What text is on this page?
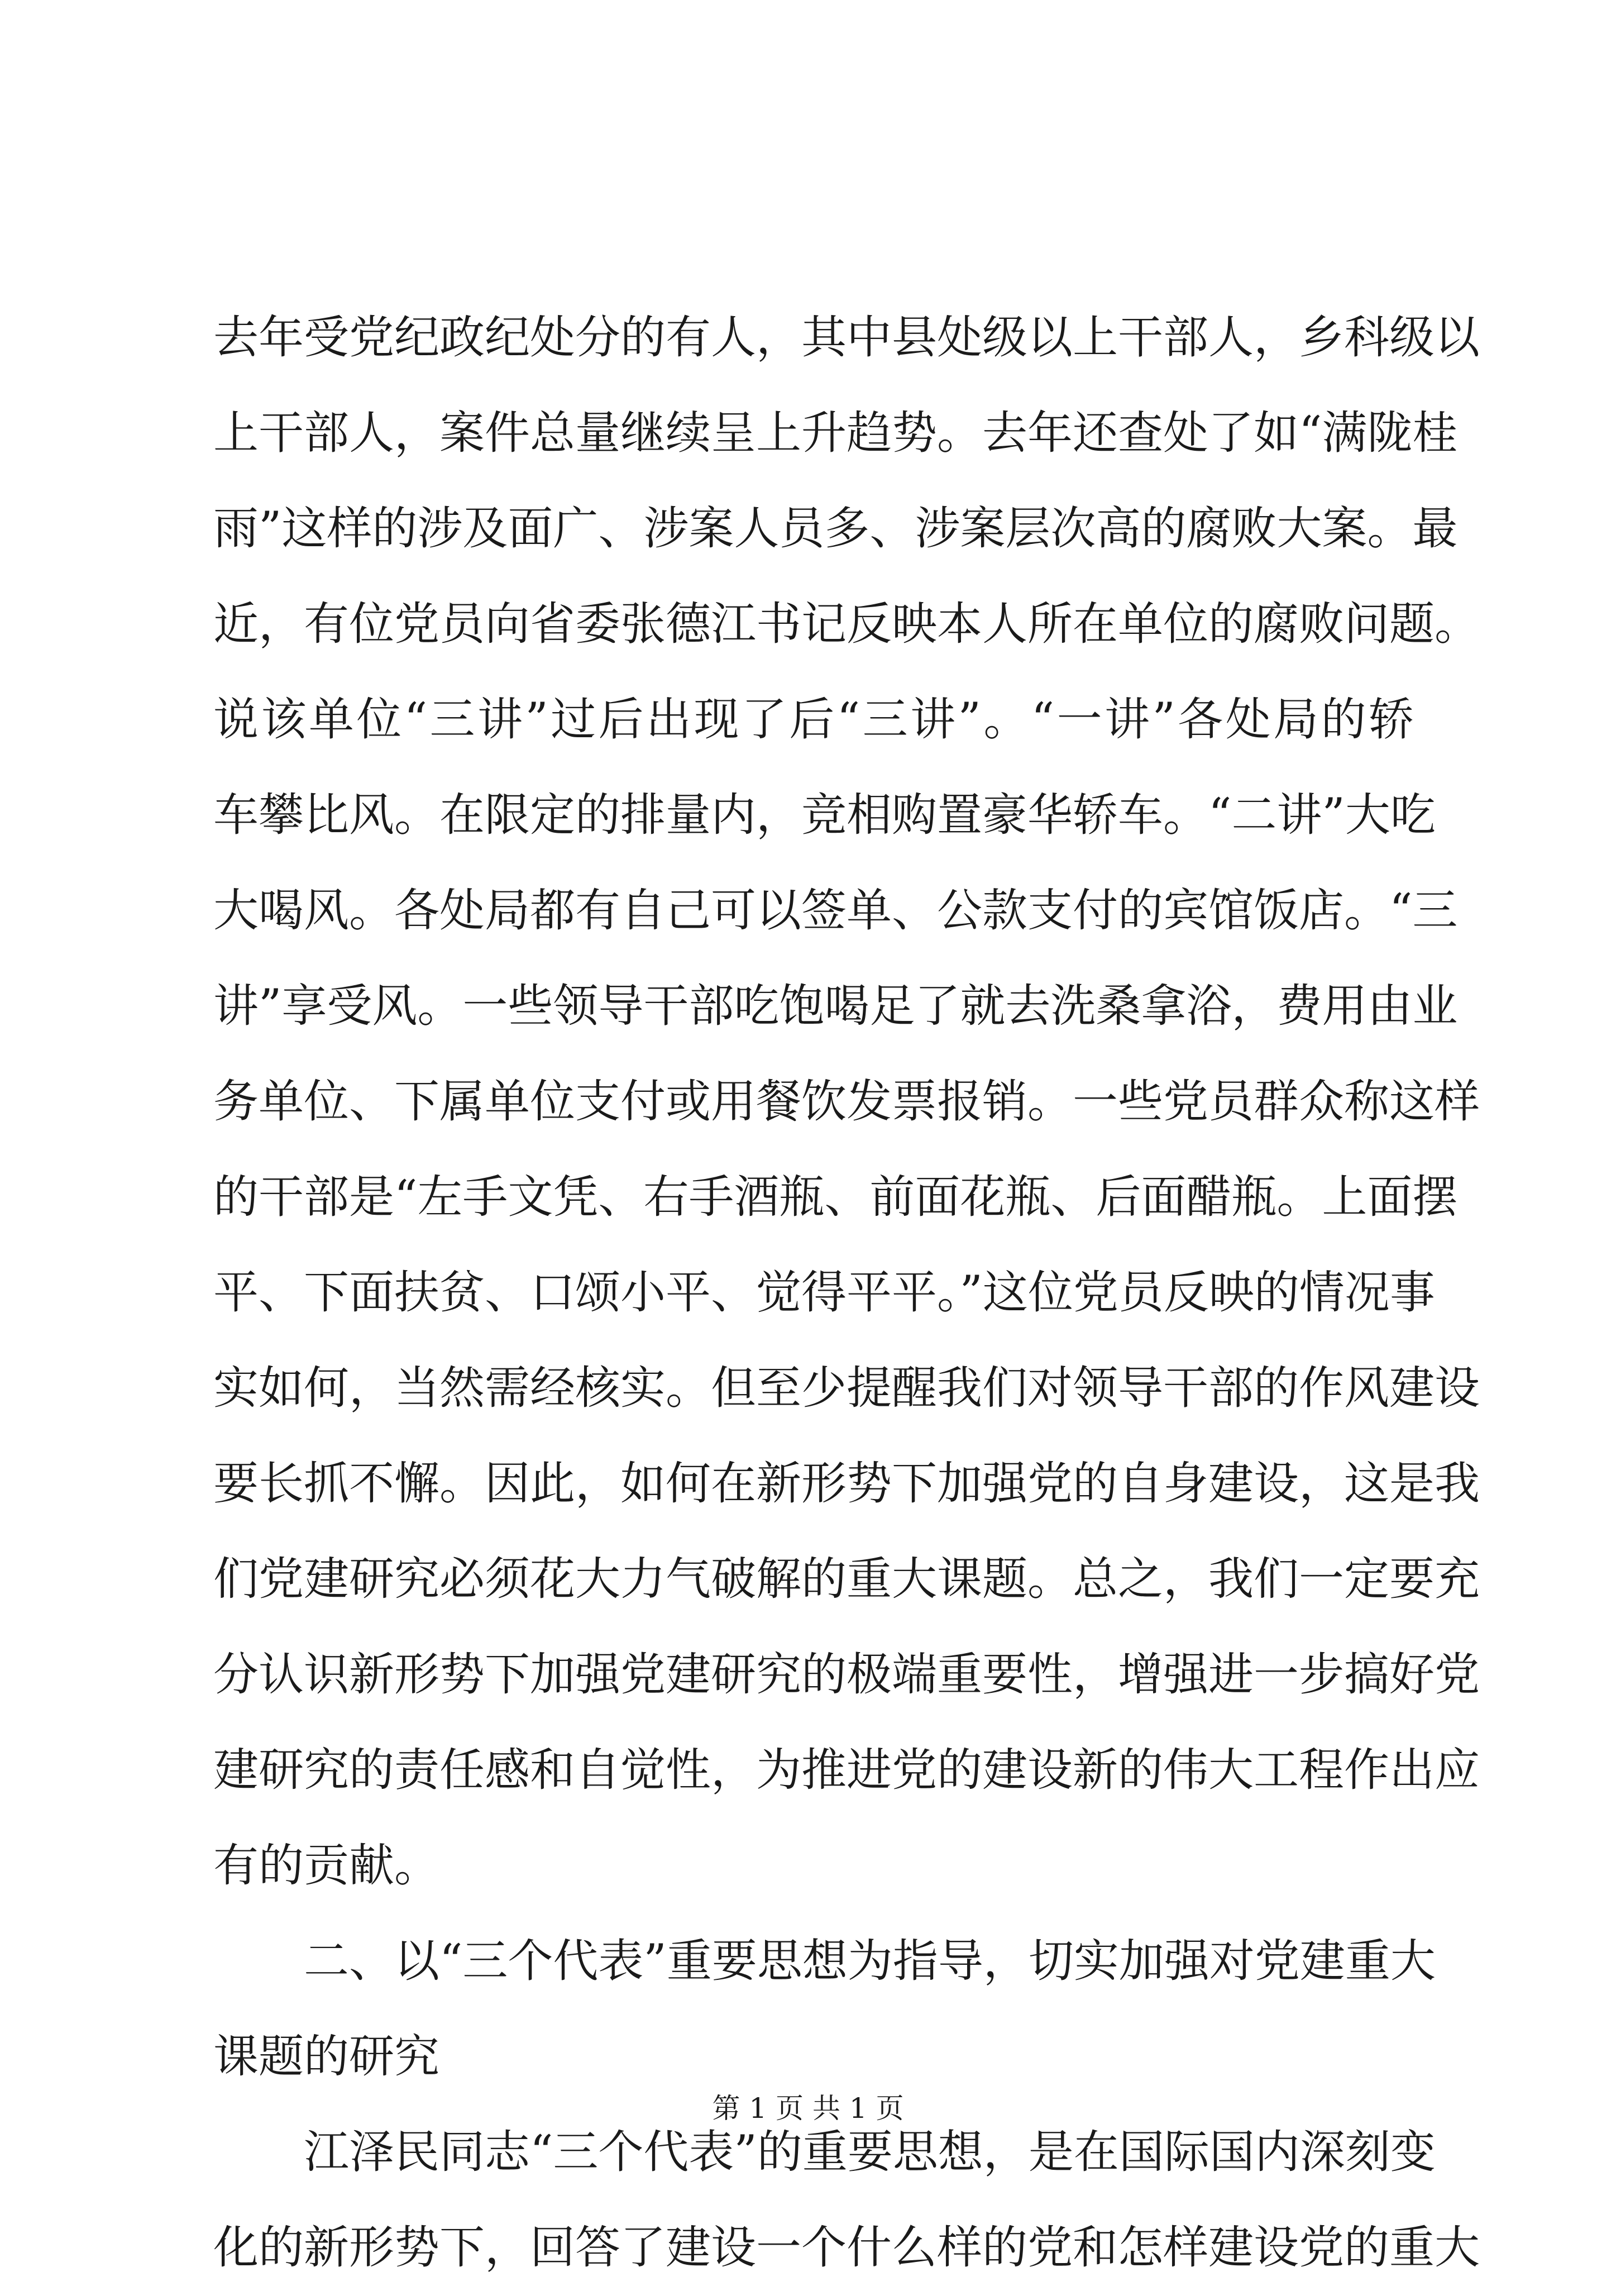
去年受党纪政纪处分的有人，其中县处级以上干部人，乡科级以
上干部人，案件总量继续呈上升趋势。去年还查处了如“满陇桂
雨”这样的涉及面广、涉案人员多、涉案层次高的腐败大案。最
近，有位党员向省委张德江书记反映本人所在单位的腐败问题。
说该单位“三讲”过后出现了后“三讲”。“一讲”各处局的轿
车攀比风。在限定的排量内，竞相购置豪华轿车。“二讲”大吃
大喝风。各处局都有自己可以签单、公款支付的宾馆饭店。“三
讲”享受风。一些领导干部吃饱喝足了就去洗桑拿浴，费用由业
务单位、下属单位支付或用餐饮发票报销。一些党员群众称这样
的干部是“左手文凭、右手酒瓶、前面花瓶、后面醋瓶。上面摆
平、下面扶贫、口颂小平、觉得平平。”这位党员反映的情况事
实如何，当然需经核实。但至少提醒我们对领导干部的作风建设
要长抓不懈。因此，如何在新形势下加强党的自身建设，这是我
们党建研究必须花大力气破解的重大课题。总之，我们一定要充
分认识新形势下加强党建研究的极端重要性，增强进一步搞好党
建研究的责任感和自觉性，为推进党的建设新的伟大工程作出应
有的贡献。
二、以“三个代表”重要思想为指导，切实加强对党建重大
课题的研究
江泽民同志“三个代表”的重要思想，是在国际国内深刻变
化的新形势下，回答了建设一个什么样的党和怎样建设党的重大
第 1 页 共 1 页
